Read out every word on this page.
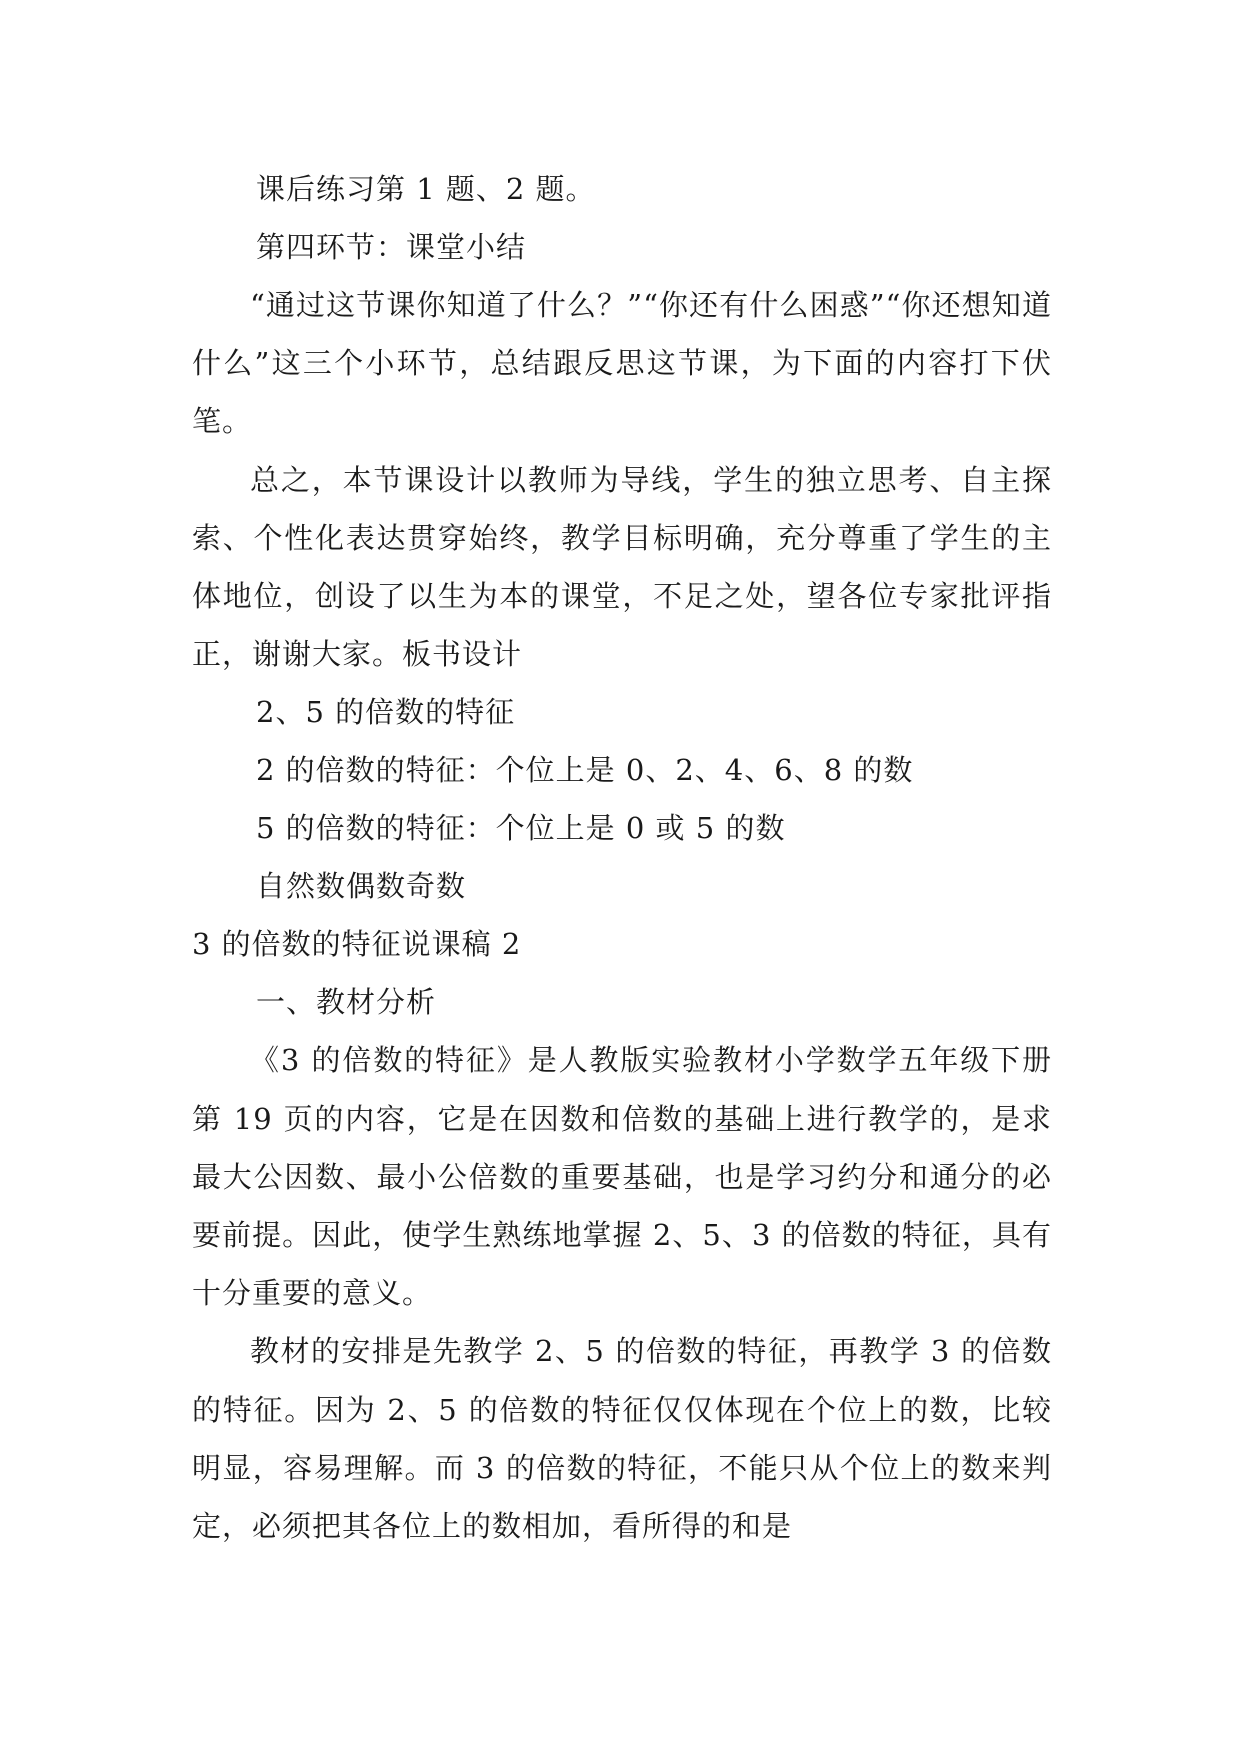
课后练习第 1 题、2 题。

第四环节：课堂小结

“通过这节课你知道了什么？”“你还有什么困惑”“你还想知道什么”这三个小环节，总结跟反思这节课，为下面的内容打下伏笔。

总之，本节课设计以教师为导线，学生的独立思考、自主探索、个性化表达贯穿始终，教学目标明确，充分尊重了学生的主体地位，创设了以生为本的课堂，不足之处，望各位专家批评指正，谢谢大家。板书设计

2、5 的倍数的特征

2 的倍数的特征：个位上是 0、2、4、6、8 的数

5 的倍数的特征：个位上是 0 或 5 的数

自然数偶数奇数

3 的倍数的特征说课稿 2

一、教材分析

《3 的倍数的特征》是人教版实验教材小学数学五年级下册第 19 页的内容，它是在因数和倍数的基础上进行教学的，是求最大公因数、最小公倍数的重要基础，也是学习约分和通分的必要前提。因此，使学生熟练地掌握 2、5、3 的倍数的特征，具有十分重要的意义。

教材的安排是先教学 2、5 的倍数的特征，再教学 3 的倍数的特征。因为 2、5 的倍数的特征仅仅体现在个位上的数，比较明显，容易理解。而 3 的倍数的特征，不能只从个位上的数来判定，必须把其各位上的数相加，看所得的和是
